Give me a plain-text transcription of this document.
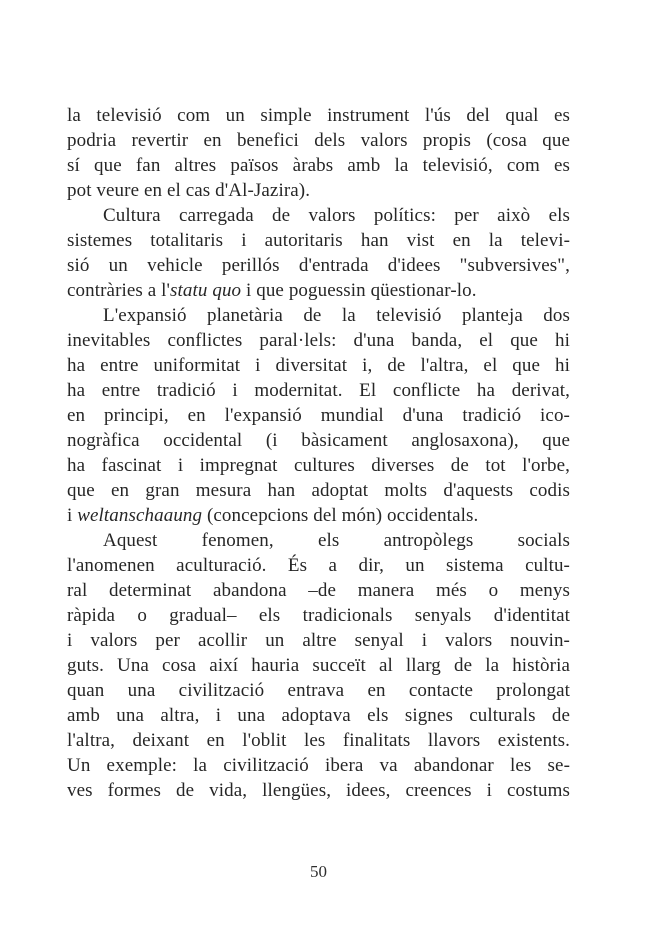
la televisió com un simple instrument l'ús del qual es
podria revertir en benefici dels valors propis (cosa que
sí que fan altres països àrabs amb la televisió, com es
pot veure en el cas d'Al-Jazira).
Cultura carregada de valors polítics: per això els
sistemes totalitaris i autoritaris han vist en la televi-
sió un vehicle perillós d'entrada d'idees "subversives",
contràries a l'statu quo i que poguessin qüestionar-lo.
L'expansió planetària de la televisió planteja dos
inevitables conflictes paral·lels: d'una banda, el que hi
ha entre uniformitat i diversitat i, de l'altra, el que hi
ha entre tradició i modernitat. El conflicte ha derivat,
en principi, en l'expansió mundial d'una tradició ico-
nogràfica occidental (i bàsicament anglosaxona), que
ha fascinat i impregnat cultures diverses de tot l'orbe,
que en gran mesura han adoptat molts d'aquests codis
i weltanschaaung (concepcions del món) occidentals.
Aquest fenomen, els antropòlegs socials
l'anomenen aculturació. És a dir, un sistema cultu-
ral determinat abandona –de manera més o menys
ràpida o gradual– els tradicionals senyals d'identitat
i valors per acollir un altre senyal i valors nouvin-
guts. Una cosa així hauria succeït al llarg de la història
quan una civilització entrava en contacte prolongat
amb una altra, i una adoptava els signes culturals de
l'altra, deixant en l'oblit les finalitats llavors existents.
Un exemple: la civilització ibera va abandonar les se-
ves formes de vida, llengües, idees, creences i costums
50
